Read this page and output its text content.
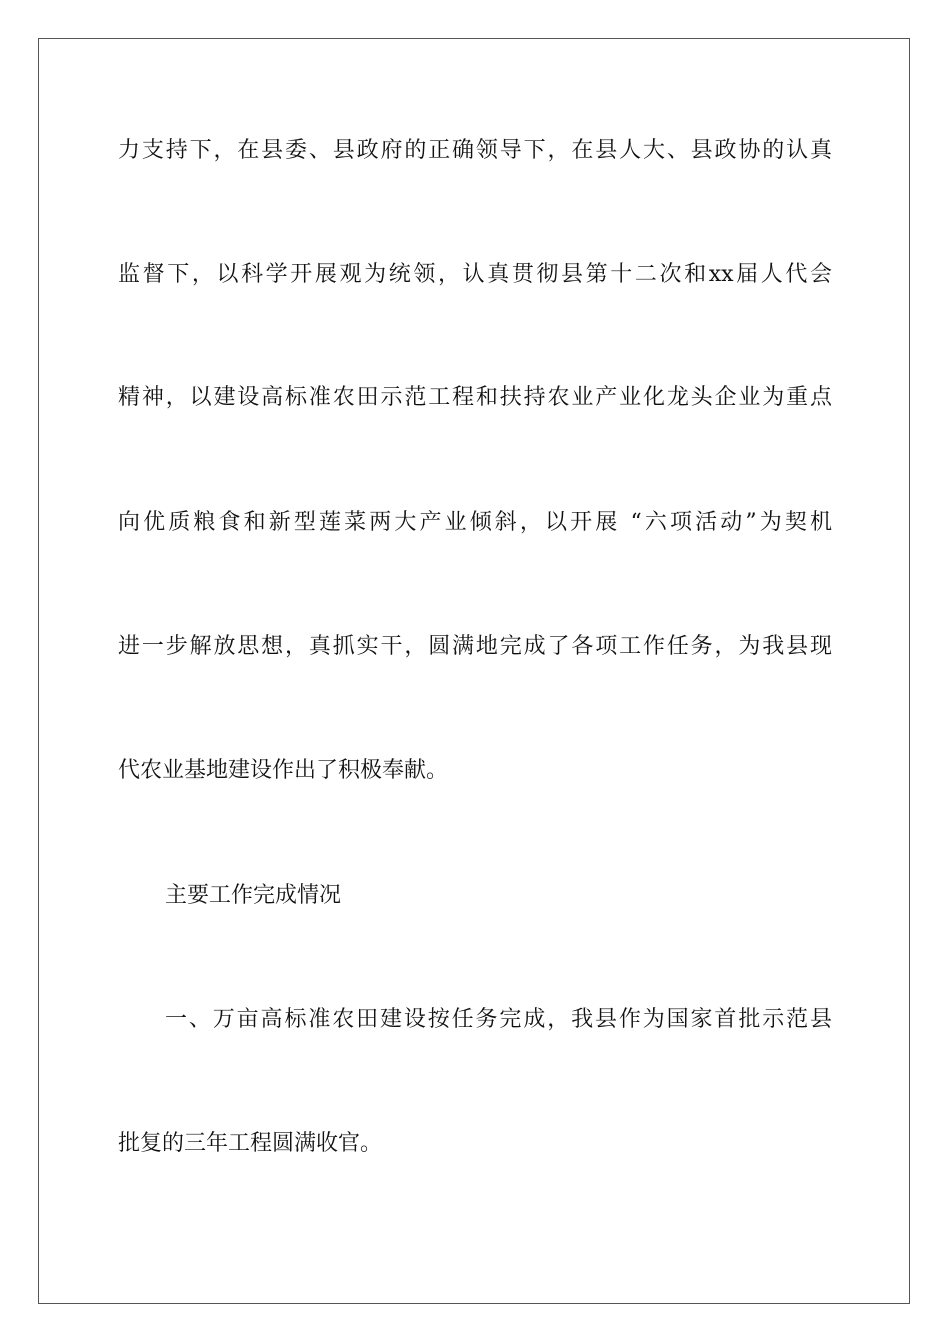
力支持下，在县委、县政府的正确领导下，在县人大、县政协的认真
监督下，以科学开展观为统领，认真贯彻县第十二次和xx届人代会
精神，以建设高标准农田示范工程和扶持农业产业化龙头企业为重点
向优质粮食和新型莲菜两大产业倾斜，以开展 “六项活动”为契机
进一步解放思想，真抓实干，圆满地完成了各项工作任务，为我县现
代农业基地建设作出了积极奉献。
主要工作完成情况
一、万亩高标准农田建设按任务完成，我县作为国家首批示范县
批复的三年工程圆满收官。
